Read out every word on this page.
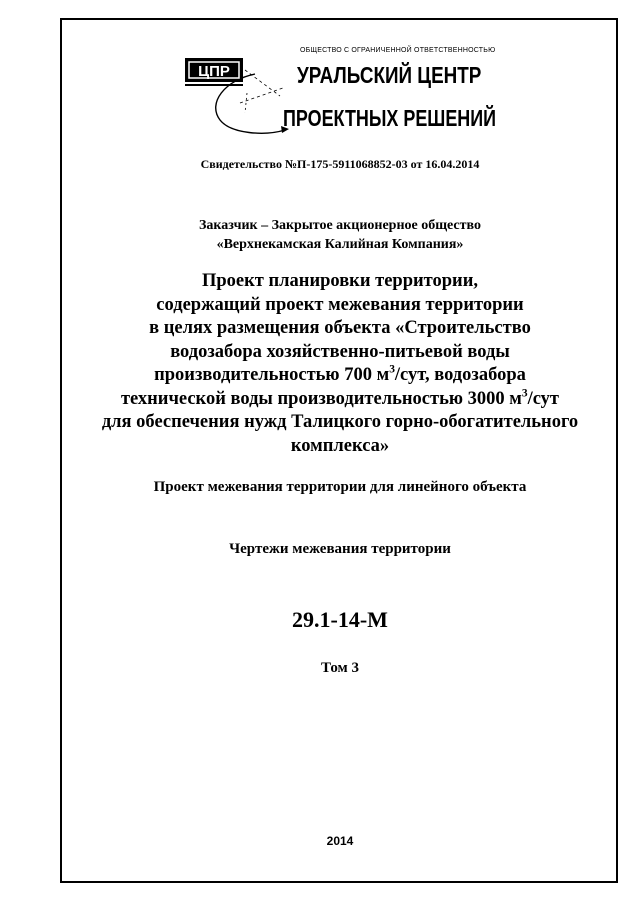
ЦПР
ОБЩЕСТВО С ОГРАНИЧЕННОЙ ОТВЕТСТВЕННОСТЬЮ
УРАЛЬСКИЙ ЦЕНТР
ПРОЕКТНЫХ РЕШЕНИЙ
Свидетельство №П-175-5911068852-03 от 16.04.2014
Заказчик – Закрытое акционерное общество
«Верхнекамская Калийная Компания»
Проект планировки территории,
содержащий проект межевания территории
в целях размещения объекта «Строительство
водозабора хозяйственно-питьевой воды
производительностью 700 $м^3$/сут, водозабора
технической воды производительностью 3000 $м^3$/сут
для обеспечения нужд Талицкого горно-обогатительного
комплекса»
Проект межевания территории для линейного объекта
Чертежи межевания территории
29.1-14-М
Том 3
2014
